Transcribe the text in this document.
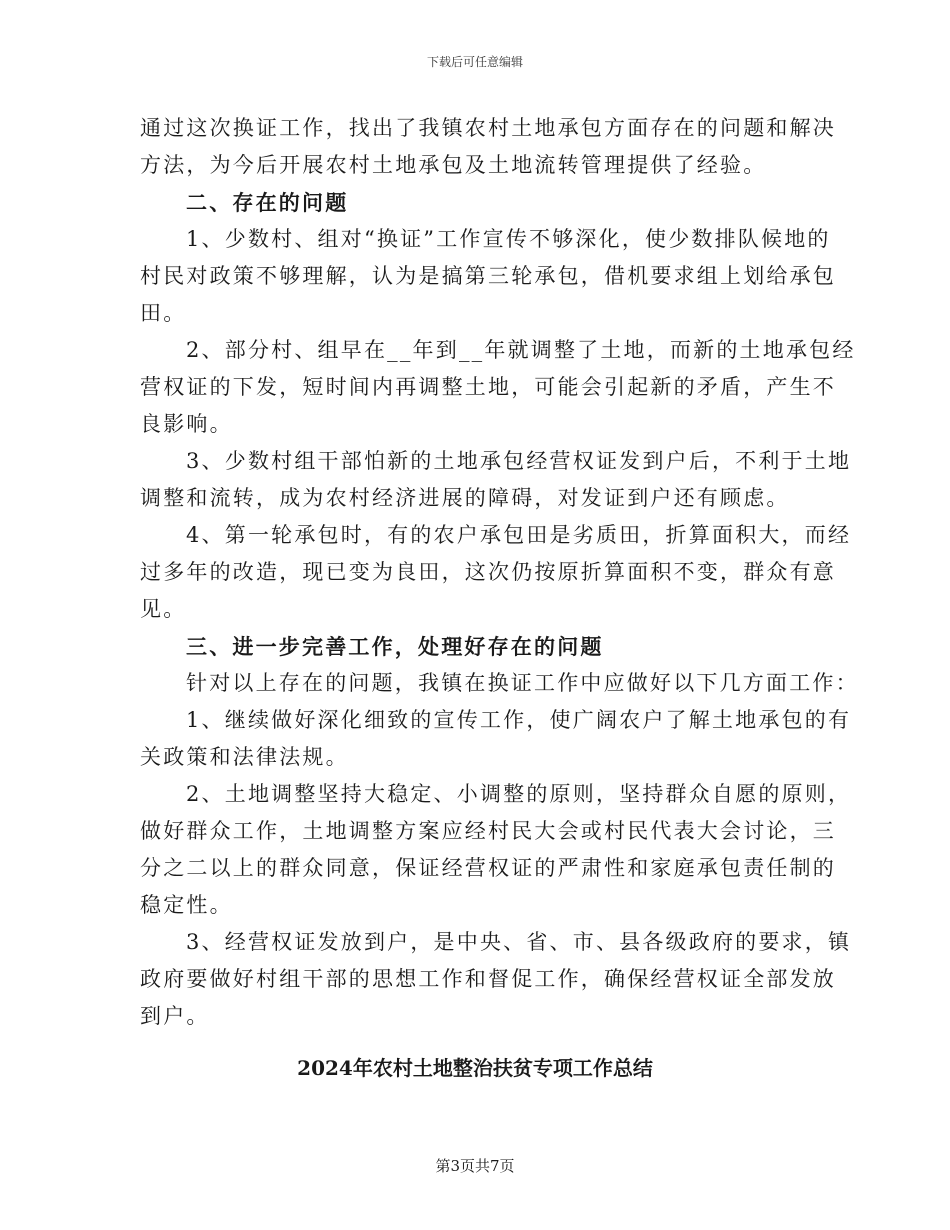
下载后可任意编辑
通过这次换证工作，找出了我镇农村土地承包方面存在的问题和解决
方法，为今后开展农村土地承包及土地流转管理提供了经验。
二、存在的问题
1、少数村、组对“换证”工作宣传不够深化，使少数排队候地的
村民对政策不够理解，认为是搞第三轮承包，借机要求组上划给承包
田。
2、部分村、组早在__年到__年就调整了土地，而新的土地承包经
营权证的下发，短时间内再调整土地，可能会引起新的矛盾，产生不
良影响。
3、少数村组干部怕新的土地承包经营权证发到户后，不利于土地
调整和流转，成为农村经济进展的障碍，对发证到户还有顾虑。
4、第一轮承包时，有的农户承包田是劣质田，折算面积大，而经
过多年的改造，现已变为良田，这次仍按原折算面积不变，群众有意
见。
三、进一步完善工作，处理好存在的问题
针对以上存在的问题，我镇在换证工作中应做好以下几方面工作：
1、继续做好深化细致的宣传工作，使广阔农户了解土地承包的有
关政策和法律法规。
2、土地调整坚持大稳定、小调整的原则，坚持群众自愿的原则，
做好群众工作，土地调整方案应经村民大会或村民代表大会讨论，三
分之二以上的群众同意，保证经营权证的严肃性和家庭承包责任制的
稳定性。
3、经营权证发放到户，是中央、省、市、县各级政府的要求，镇
政府要做好村组干部的思想工作和督促工作，确保经营权证全部发放
到户。
2024年农村土地整治扶贫专项工作总结
第3页共7页
